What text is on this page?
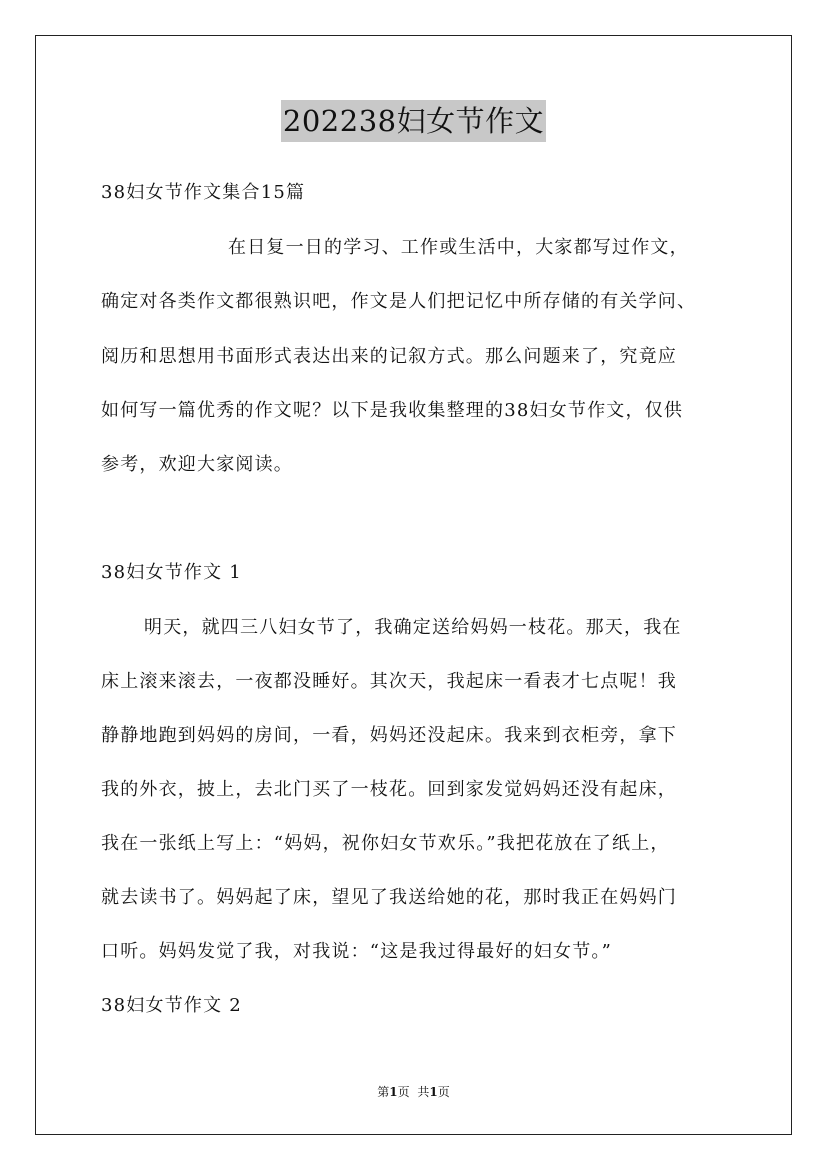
202238妇女节作文
38妇女节作文集合15篇
在日复一日的学习、工作或生活中，大家都写过作文，
确定对各类作文都很熟识吧，作文是人们把记忆中所存储的有关学问、
阅历和思想用书面形式表达出来的记叙方式。那么问题来了，究竟应
如何写一篇优秀的作文呢？以下是我收集整理的38妇女节作文，仅供
参考，欢迎大家阅读。
38妇女节作文 1
明天，就四三八妇女节了，我确定送给妈妈一枝花。那天，我在
床上滚来滚去，一夜都没睡好。其次天，我起床一看表才七点呢！我
静静地跑到妈妈的房间，一看，妈妈还没起床。我来到衣柜旁，拿下
我的外衣，披上，去北门买了一枝花。回到家发觉妈妈还没有起床，
我在一张纸上写上：“妈妈，祝你妇女节欢乐。”我把花放在了纸上，
就去读书了。妈妈起了床，望见了我送给她的花，那时我正在妈妈门
口听。妈妈发觉了我，对我说：“这是我过得最好的妇女节。”
38妇女节作文 2
第1页 共1页
